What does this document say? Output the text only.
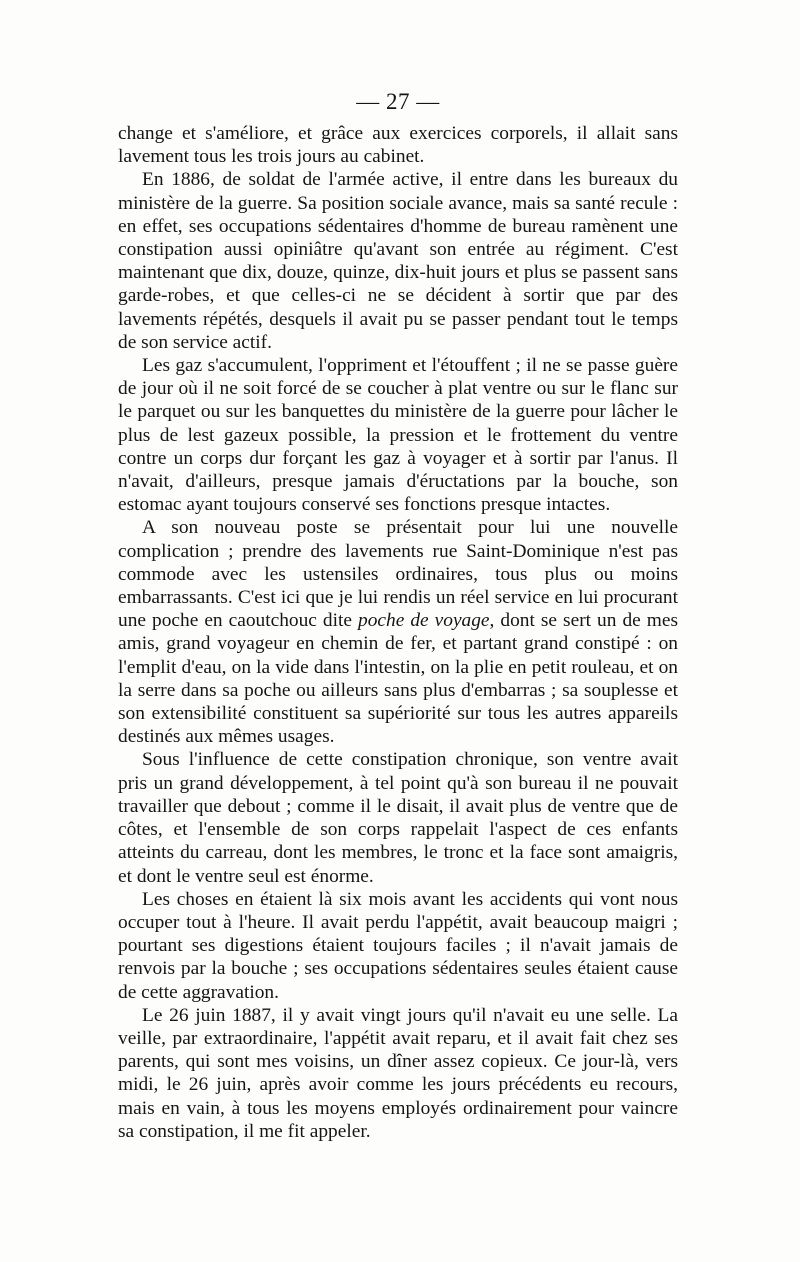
— 27 —

change et s'améliore, et grâce aux exercices corporels, il allait sans lavement tous les trois jours au cabinet.

En 1886, de soldat de l'armée active, il entre dans les bureaux du ministère de la guerre. Sa position sociale avance, mais sa santé recule : en effet, ses occupations sédentaires d'homme de bureau ramènent une constipation aussi opiniâtre qu'avant son entrée au régiment. C'est maintenant que dix, douze, quinze, dix-huit jours et plus se passent sans garde-robes, et que celles-ci ne se décident à sortir que par des lavements répétés, desquels il avait pu se passer pendant tout le temps de son service actif.

Les gaz s'accumulent, l'oppriment et l'étouffent ; il ne se passe guère de jour où il ne soit forcé de se coucher à plat ventre ou sur le flanc sur le parquet ou sur les banquettes du ministère de la guerre pour lâcher le plus de lest gazeux possible, la pression et le frottement du ventre contre un corps dur forçant les gaz à voyager et à sortir par l'anus. Il n'avait, d'ailleurs, presque jamais d'éructations par la bouche, son estomac ayant toujours conservé ses fonctions presque intactes.

A son nouveau poste se présentait pour lui une nouvelle complication ; prendre des lavements rue Saint-Dominique n'est pas commode avec les ustensiles ordinaires, tous plus ou moins embarrassants. C'est ici que je lui rendis un réel service en lui procurant une poche en caoutchouc dite poche de voyage, dont se sert un de mes amis, grand voyageur en chemin de fer, et partant grand constipé : on l'emplit d'eau, on la vide dans l'intestin, on la plie en petit rouleau, et on la serre dans sa poche ou ailleurs sans plus d'embarras ; sa souplesse et son extensibilité constituent sa supériorité sur tous les autres appareils destinés aux mêmes usages.

Sous l'influence de cette constipation chronique, son ventre avait pris un grand développement, à tel point qu'à son bureau il ne pouvait travailler que debout ; comme il le disait, il avait plus de ventre que de côtes, et l'ensemble de son corps rappelait l'aspect de ces enfants atteints du carreau, dont les membres, le tronc et la face sont amaigris, et dont le ventre seul est énorme.

Les choses en étaient là six mois avant les accidents qui vont nous occuper tout à l'heure. Il avait perdu l'appétit, avait beaucoup maigri ; pourtant ses digestions étaient toujours faciles ; il n'avait jamais de renvois par la bouche ; ses occupations sédentaires seules étaient cause de cette aggravation.

Le 26 juin 1887, il y avait vingt jours qu'il n'avait eu une selle. La veille, par extraordinaire, l'appétit avait reparu, et il avait fait chez ses parents, qui sont mes voisins, un dîner assez copieux. Ce jour-là, vers midi, le 26 juin, après avoir comme les jours précédents eu recours, mais en vain, à tous les moyens employés ordinairement pour vaincre sa constipation, il me fit appeler.
